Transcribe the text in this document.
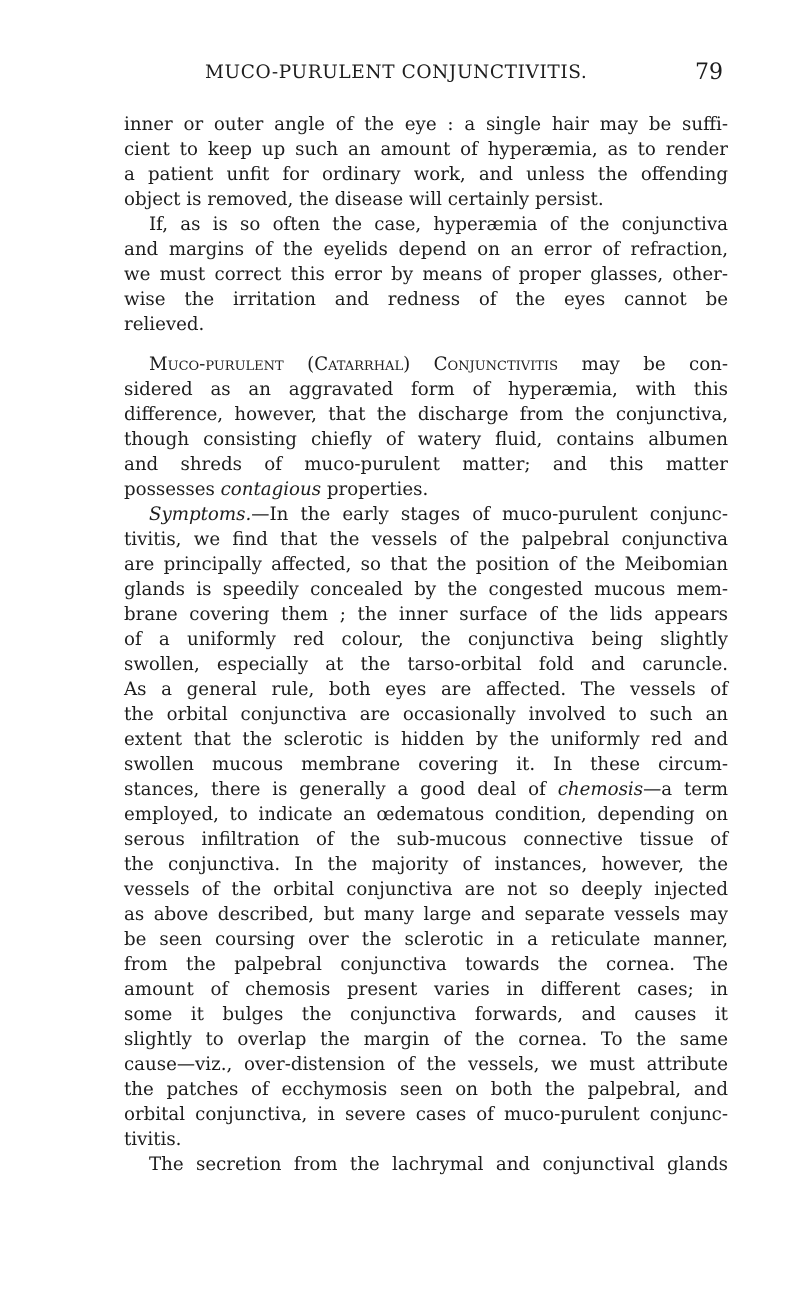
MUCO-PURULENT CONJUNCTIVITIS.	79
inner or outer angle of the eye : a single hair may be suffi-
cient to keep up such an amount of hyperæmia, as to render
a patient unfit for ordinary work, and unless the offending
object is removed, the disease will certainly persist.
If, as is so often the case, hyperæmia of the conjunctiva
and margins of the eyelids depend on an error of refraction,
we must correct this error by means of proper glasses, other-
wise the irritation and redness of the eyes cannot be
relieved.
Muco-purulent (Catarrhal) Conjunctivitis may be con-
sidered as an aggravated form of hyperæmia, with this
difference, however, that the discharge from the conjunctiva,
though consisting chiefly of watery fluid, contains albumen
and shreds of muco-purulent matter; and this matter
possesses contagious properties.
Symptoms.—In the early stages of muco-purulent conjunc-
tivitis, we find that the vessels of the palpebral conjunctiva
are principally affected, so that the position of the Meibomian
glands is speedily concealed by the congested mucous mem-
brane covering them ; the inner surface of the lids appears
of a uniformly red colour, the conjunctiva being slightly
swollen, especially at the tarso-orbital fold and caruncle.
As a general rule, both eyes are affected. The vessels of
the orbital conjunctiva are occasionally involved to such an
extent that the sclerotic is hidden by the uniformly red and
swollen mucous membrane covering it. In these circum-
stances, there is generally a good deal of chemosis—a term
employed, to indicate an œdematous condition, depending on
serous infiltration of the sub-mucous connective tissue of
the conjunctiva. In the majority of instances, however, the
vessels of the orbital conjunctiva are not so deeply injected
as above described, but many large and separate vessels may
be seen coursing over the sclerotic in a reticulate manner,
from the palpebral conjunctiva towards the cornea. The
amount of chemosis present varies in different cases; in
some it bulges the conjunctiva forwards, and causes it
slightly to overlap the margin of the cornea. To the same
cause—viz., over-distension of the vessels, we must attribute
the patches of ecchymosis seen on both the palpebral, and
orbital conjunctiva, in severe cases of muco-purulent conjunc-
tivitis.
The secretion from the lachrymal and conjunctival glands
